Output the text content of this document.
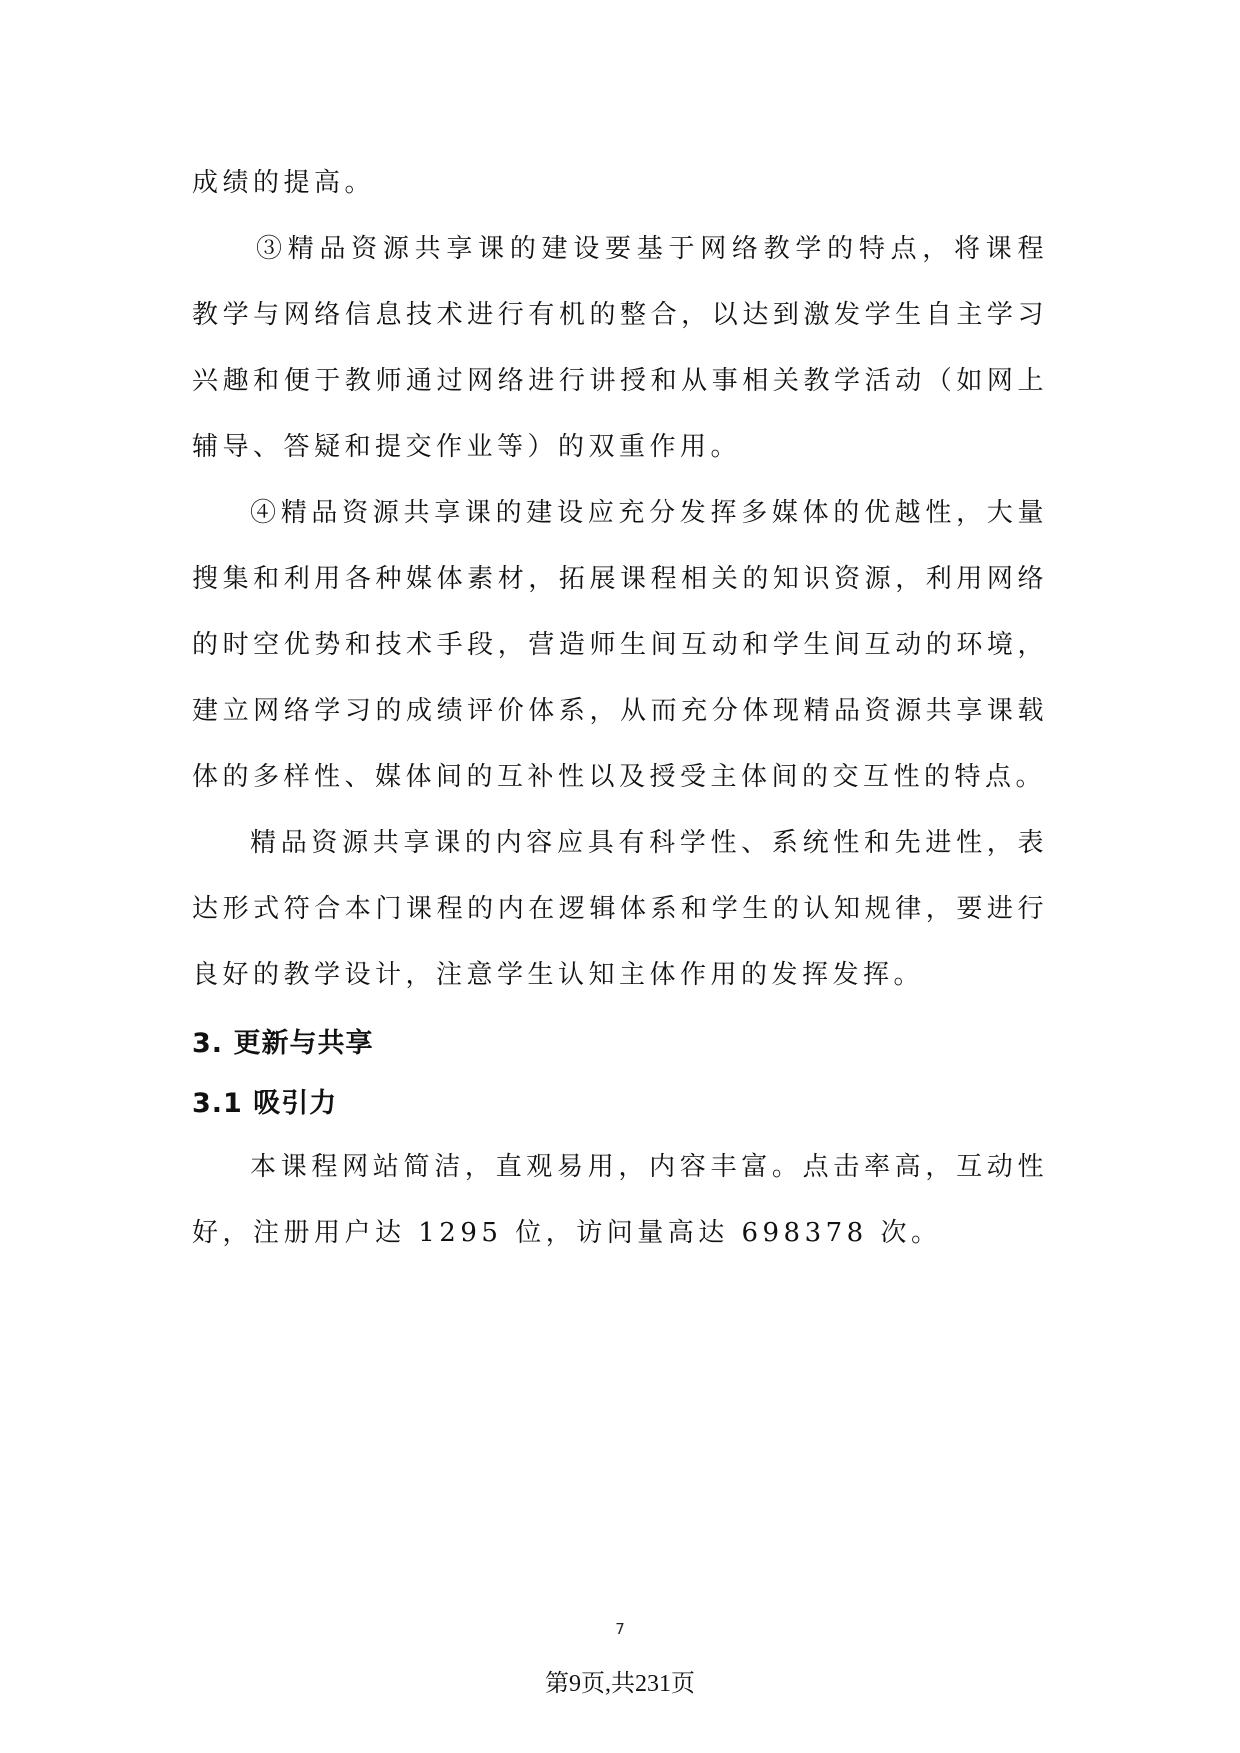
成绩的提高。

③精品资源共享课的建设要基于网络教学的特点，将课程教学与网络信息技术进行有机的整合，以达到激发学生自主学习兴趣和便于教师通过网络进行讲授和从事相关教学活动（如网上辅导、答疑和提交作业等）的双重作用。

④精品资源共享课的建设应充分发挥多媒体的优越性，大量搜集和利用各种媒体素材，拓展课程相关的知识资源，利用网络的时空优势和技术手段，营造师生间互动和学生间互动的环境，建立网络学习的成绩评价体系，从而充分体现精品资源共享课载体的多样性、媒体间的互补性以及授受主体间的交互性的特点。

精品资源共享课的内容应具有科学性、系统性和先进性，表达形式符合本门课程的内在逻辑体系和学生的认知规律，要进行良好的教学设计，注意学生认知主体作用的发挥发挥。

3. 更新与共享
3.1 吸引力

本课程网站简洁，直观易用，内容丰富。点击率高，互动性好，注册用户达 1295 位，访问量高达 698378 次。

7
第9页,共231页
